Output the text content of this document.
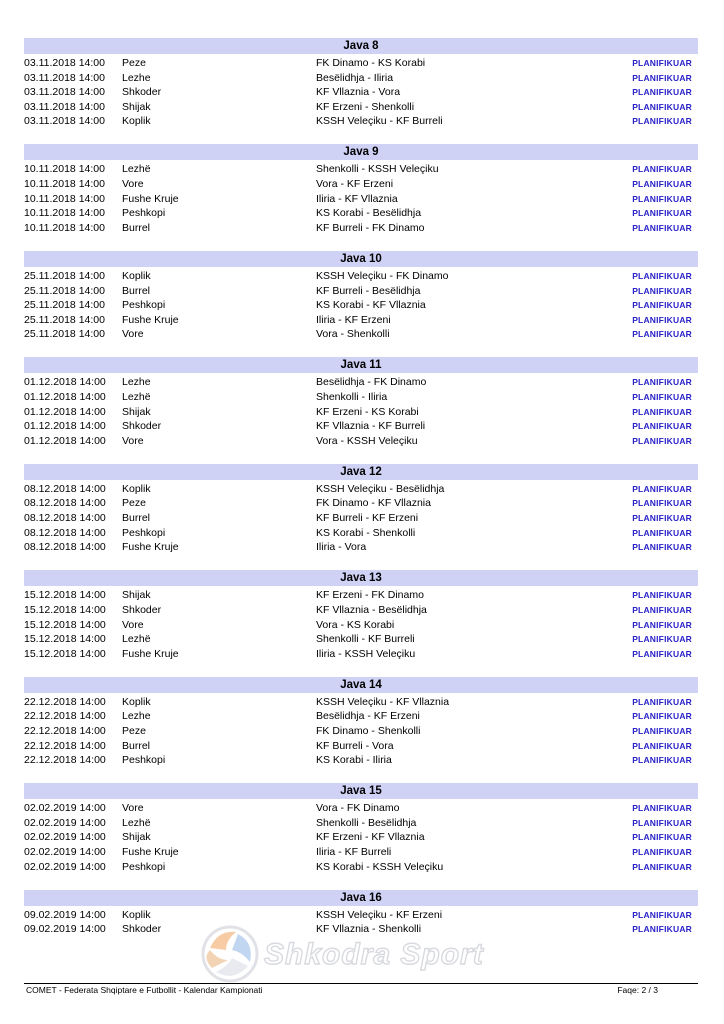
Java 8
03.11.2018 14:00 Peze	FK Dinamo - KS Korabi	PLANIFIKUAR
03.11.2018 14:00 Lezhe	Besëlidhja - Iliria	PLANIFIKUAR
03.11.2018 14:00 Shkoder	KF Vllaznia - Vora	PLANIFIKUAR
03.11.2018 14:00 Shijak	KF Erzeni - Shenkolli	PLANIFIKUAR
03.11.2018 14:00 Koplik	KSSH Veleçiku - KF Burreli	PLANIFIKUAR
Java 9
10.11.2018 14:00 Lezhë	Shenkolli - KSSH Veleçiku	PLANIFIKUAR
10.11.2018 14:00 Vore	Vora - KF Erzeni	PLANIFIKUAR
10.11.2018 14:00 Fushe Kruje	Iliria - KF Vllaznia	PLANIFIKUAR
10.11.2018 14:00 Peshkopi	KS Korabi - Besëlidhja	PLANIFIKUAR
10.11.2018 14:00 Burrel	KF Burreli - FK Dinamo	PLANIFIKUAR
Java 10
25.11.2018 14:00 Koplik	KSSH Veleçiku - FK Dinamo	PLANIFIKUAR
25.11.2018 14:00 Burrel	KF Burreli - Besëlidhja	PLANIFIKUAR
25.11.2018 14:00 Peshkopi	KS Korabi - KF Vllaznia	PLANIFIKUAR
25.11.2018 14:00 Fushe Kruje	Iliria - KF Erzeni	PLANIFIKUAR
25.11.2018 14:00 Vore	Vora - Shenkolli	PLANIFIKUAR
Java 11
01.12.2018 14:00 Lezhe	Besëlidhja - FK Dinamo	PLANIFIKUAR
01.12.2018 14:00 Lezhë	Shenkolli - Iliria	PLANIFIKUAR
01.12.2018 14:00 Shijak	KF Erzeni - KS Korabi	PLANIFIKUAR
01.12.2018 14:00 Shkoder	KF Vllaznia - KF Burreli	PLANIFIKUAR
01.12.2018 14:00 Vore	Vora - KSSH Veleçiku	PLANIFIKUAR
Java 12
08.12.2018 14:00 Koplik	KSSH Veleçiku - Besëlidhja	PLANIFIKUAR
08.12.2018 14:00 Peze	FK Dinamo - KF Vllaznia	PLANIFIKUAR
08.12.2018 14:00 Burrel	KF Burreli - KF Erzeni	PLANIFIKUAR
08.12.2018 14:00 Peshkopi	KS Korabi - Shenkolli	PLANIFIKUAR
08.12.2018 14:00 Fushe Kruje	Iliria - Vora	PLANIFIKUAR
Java 13
15.12.2018 14:00 Shijak	KF Erzeni - FK Dinamo	PLANIFIKUAR
15.12.2018 14:00 Shkoder	KF Vllaznia - Besëlidhja	PLANIFIKUAR
15.12.2018 14:00 Vore	Vora - KS Korabi	PLANIFIKUAR
15.12.2018 14:00 Lezhë	Shenkolli - KF Burreli	PLANIFIKUAR
15.12.2018 14:00 Fushe Kruje	Iliria - KSSH Veleçiku	PLANIFIKUAR
Java 14
22.12.2018 14:00 Koplik	KSSH Veleçiku - KF Vllaznia	PLANIFIKUAR
22.12.2018 14:00 Lezhe	Besëlidhja - KF Erzeni	PLANIFIKUAR
22.12.2018 14:00 Peze	FK Dinamo - Shenkolli	PLANIFIKUAR
22.12.2018 14:00 Burrel	KF Burreli - Vora	PLANIFIKUAR
22.12.2018 14:00 Peshkopi	KS Korabi - Iliria	PLANIFIKUAR
Java 15
02.02.2019 14:00 Vore	Vora - FK Dinamo	PLANIFIKUAR
02.02.2019 14:00 Lezhë	Shenkolli - Besëlidhja	PLANIFIKUAR
02.02.2019 14:00 Shijak	KF Erzeni - KF Vllaznia	PLANIFIKUAR
02.02.2019 14:00 Fushe Kruje	Iliria - KF Burreli	PLANIFIKUAR
02.02.2019 14:00 Peshkopi	KS Korabi - KSSH Veleçiku	PLANIFIKUAR
Java 16
09.02.2019 14:00 Koplik	KSSH Veleçiku - KF Erzeni	PLANIFIKUAR
09.02.2019 14:00 Shkoder	KF Vllaznia - Shenkolli	PLANIFIKUAR
Shkodra Sport
COMET - Federata Shqiptare e Futbollit - Kalendar Kampionati	Faqe: 2 / 3
